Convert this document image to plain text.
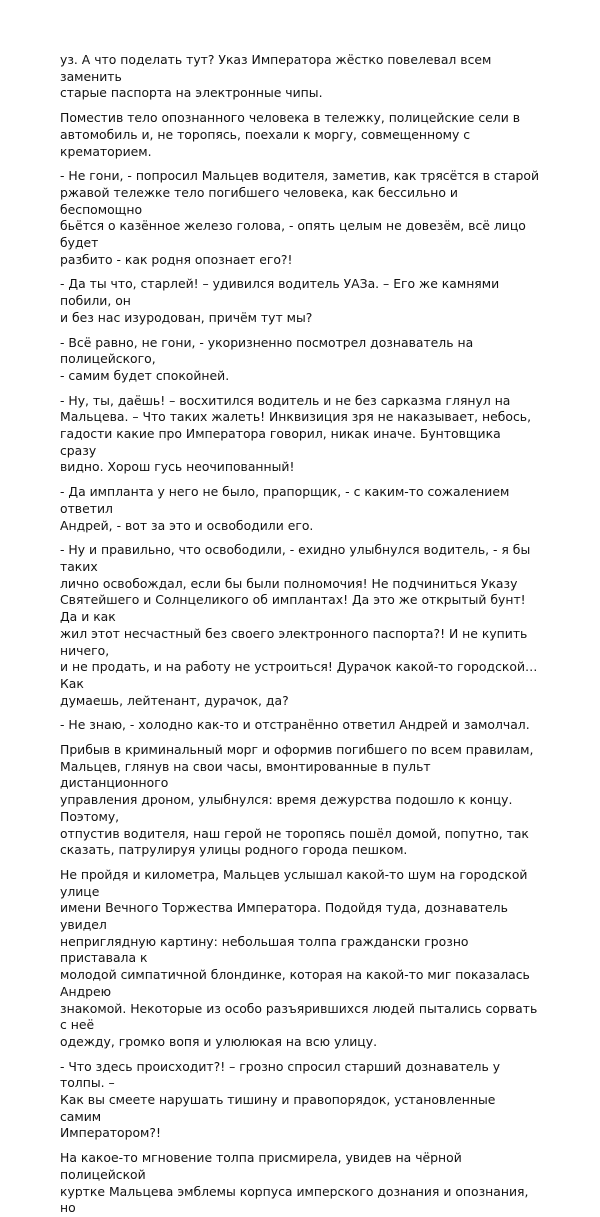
уз. А что поделать тут? Указ Императора жёстко повелевал всем заменить
старые паспорта на электронные чипы.

Поместив тело опознанного человека в тележку, полицейские сели в
автомобиль и, не торопясь, поехали к моргу, совмещенному с крематорием.

- Не гони, - попросил Мальцев водителя, заметив, как трясётся в старой
ржавой тележке тело погибшего человека, как бессильно и беспомощно
бьётся о казённое железо голова, - опять целым не довезём, всё лицо будет
разбито - как родня опознает его?!

- Да ты что, старлей! – удивился водитель УАЗа. – Его же камнями побили, он
и без нас изуродован, причём тут мы?

- Всё равно, не гони, - укоризненно посмотрел дознаватель на полицейского,
- самим будет спокойней.

- Ну, ты, даёшь! – восхитился водитель и не без сарказма глянул на
Мальцева. – Что таких жалеть! Инквизиция зря не наказывает, небось,
гадости какие про Императора говорил, никак иначе. Бунтовщика сразу
видно. Хорош гусь неочипованный!

- Да импланта у него не было, прапорщик, - с каким-то сожалением ответил
Андрей, - вот за это и освободили его.

- Ну и правильно, что освободили, - ехидно улыбнулся водитель, - я бы таких
лично освобождал, если бы были полномочия! Не подчиниться Указу
Святейшего и Солнцеликого об имплантах! Да это же открытый бунт! Да и как
жил этот несчастный без своего электронного паспорта?! И не купить ничего,
и не продать, и на работу не устроиться! Дурачок какой-то городской… Как
думаешь, лейтенант, дурачок, да?

- Не знаю, - холодно как-то и отстранённо ответил Андрей и замолчал.

Прибыв в криминальный морг и оформив погибшего по всем правилам,
Мальцев, глянув на свои часы, вмонтированные в пульт дистанционного
управления дроном, улыбнулся: время дежурства подошло к концу. Поэтому,
отпустив водителя, наш герой не торопясь пошёл домой, попутно, так
сказать, патрулируя улицы родного города пешком.

Не пройдя и километра, Мальцев услышал какой-то шум на городской улице
имени Вечного Торжества Императора. Подойдя туда, дознаватель увидел
неприглядную картину: небольшая толпа граждански грозно приставала к
молодой симпатичной блондинке, которая на какой-то миг показалась Андрею
знакомой. Некоторые из особо разъярившихся людей пытались сорвать с неё
одежду, громко вопя и улюлюкая на всю улицу.

- Что здесь происходит?! – грозно спросил старший дознаватель у толпы. –
Как вы смеете нарушать тишину и правопорядок, установленные самим
Императором?!

На какое-то мгновение толпа присмирела, увидев на чёрной полицейской
куртке Мальцева эмблемы корпуса имперского дознания и опознания, но
